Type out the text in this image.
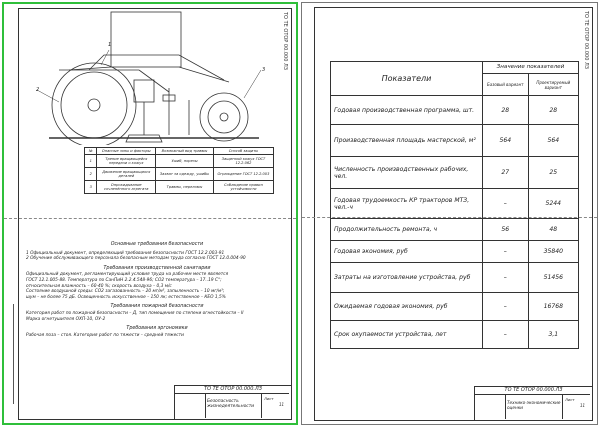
ТО ТЕ ОТОР 00.000 ЛЗ
1
2
3
№	Опасные зоны и факторы	Возможный вид травмы	Способ защиты
1	Трение вращающейся передачи о кожух	Ушиб, порезы	Защитный кожух ГОСТ 12.2.062
2	Движение вращающихся деталей	Захват за одежду, ушибы	Ограждение ГОСТ 12.2.003
3	Опрокидывание сочленённого агрегата	Травмы, переломы	Соблюдение правил устойчивости
Основные требования безопасности
1 Официальный документ, определяющий требования безопасности ГОСТ 12.2.003-91
2 Обучение обслуживающего персонала безопасным методам труда согласно ГОСТ 12.0.004-90
Требования производственной санитарии
Официальный документ, регламентирующий условия труда на рабочем месте является
ГОСТ 12.1.005-88. Температура по СанПиН 2.2.4.548-96; СО2 температура – 17..19 С°;
относительная влажность – 60-40 %; скорость воздуха – 0,3 м/с
Состояние воздушной среды: СО2 загазованность – 20 мг/м³, запыленность – 10 мг/м³;
шум – не более 75 дБ. Освещенность искусственное – 150 лк; естественное – КЕО 1,5%
Требования пожарной безопасности
Категория работ по пожарной безопасности – Д, тип помещения по степени огнестойкости – II
Марка огнетушителя ОХП-10, ОУ-2
Требования эргономики
Рабочая поза – стоя. Категория работ по тяжести – средней тяжести
ТО ТЕ ОТОР 00.000.ЛЗ
Безопасность жизнедеятельности
Лист
11
ТО ТЕ ОТОР 00.000 ЛЗ
Показатели	Значение показателей	
	Базовый вариант	Проектируемый вариант
Годовая производственная программа, шт.	28	28
Производственная площадь мастерской, м²	564	564
Численность производственных рабочих, чел.	27	25
Годовая трудоемкость КР тракторов МТЗ, чел.-ч	–	5244
Продолжительность ремонта, ч	56	48
Годовая экономия, руб	–	35840
Затраты на изготовление устройства, руб	–	51456
Ожидаемая годовая экономия, руб	–	16768
Срок окупаемости устройства, лет	–	3,1
ТО ТЕ ОТОР 00.000.ЛЗ
Технико-экономические оценки
Лист
11
